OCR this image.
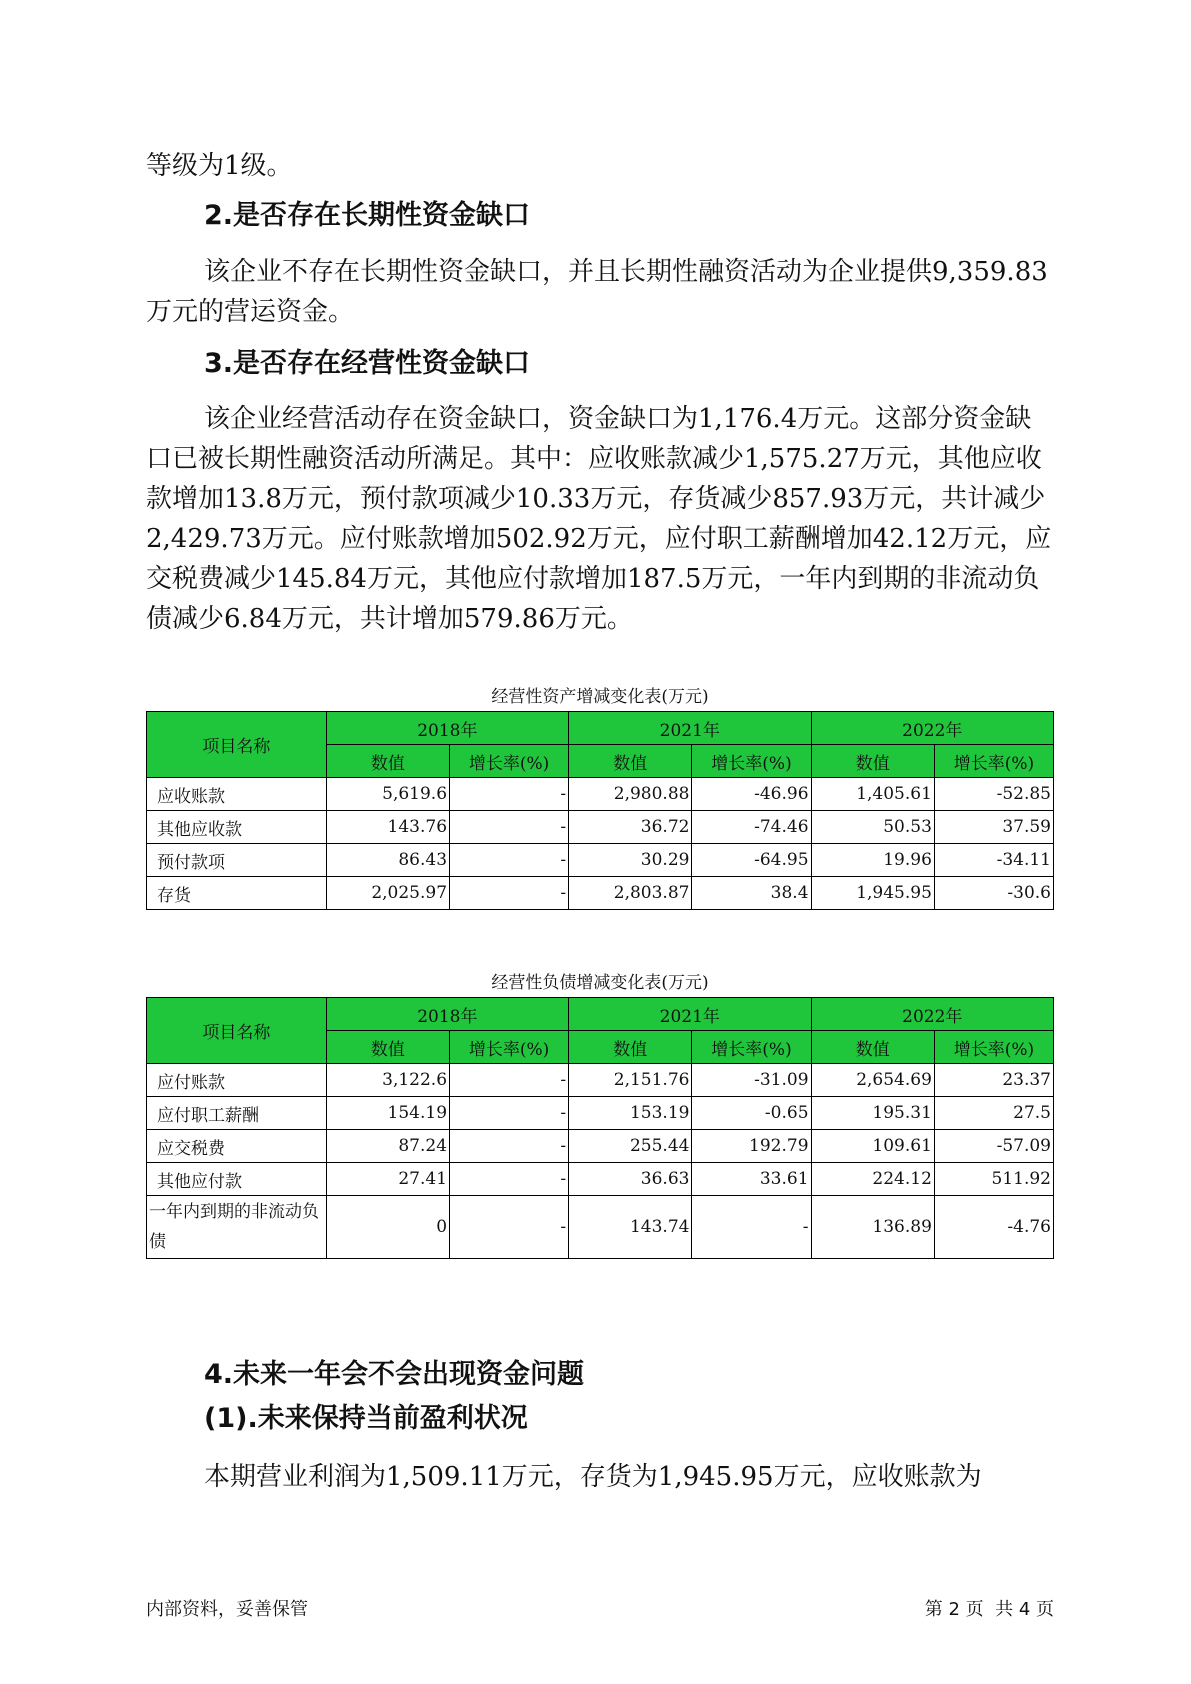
等级为1级。

2.是否存在长期性资金缺口

该企业不存在长期性资金缺口，并且长期性融资活动为企业提供9,359.83万元的营运资金。

3.是否存在经营性资金缺口

该企业经营活动存在资金缺口，资金缺口为1,176.4万元。这部分资金缺口已被长期性融资活动所满足。其中：应收账款减少1,575.27万元，其他应收款增加13.8万元，预付款项减少10.33万元，存货减少857.93万元，共计减少2,429.73万元。应付账款增加502.92万元，应付职工薪酬增加42.12万元，应交税费减少145.84万元，其他应付款增加187.5万元，一年内到期的非流动负债减少6.84万元，共计增加579.86万元。

经营性资产增减变化表(万元)

项目名称	2018年		2021年		2022年	
	数值	增长率(%)	数值	增长率(%)	数值	增长率(%)
应收账款	5,619.6	-	2,980.88	-46.96	1,405.61	-52.85
其他应收款	143.76	-	36.72	-74.46	50.53	37.59
预付款项	86.43	-	30.29	-64.95	19.96	-34.11
存货	2,025.97	-	2,803.87	38.4	1,945.95	-30.6

经营性负债增减变化表(万元)

项目名称	2018年		2021年		2022年	
	数值	增长率(%)	数值	增长率(%)	数值	增长率(%)
应付账款	3,122.6	-	2,151.76	-31.09	2,654.69	23.37
应付职工薪酬	154.19	-	153.19	-0.65	195.31	27.5
应交税费	87.24	-	255.44	192.79	109.61	-57.09
其他应付款	27.41	-	36.63	33.61	224.12	511.92
一年内到期的非流动负债	0	-	143.74	-	136.89	-4.76
4.未来一年会不会出现资金问题
(1).未来保持当前盈利状况

本期营业利润为1,509.11万元，存货为1,945.95万元，应收账款为

内部资料，妥善保管	第 2 页  共 4 页
